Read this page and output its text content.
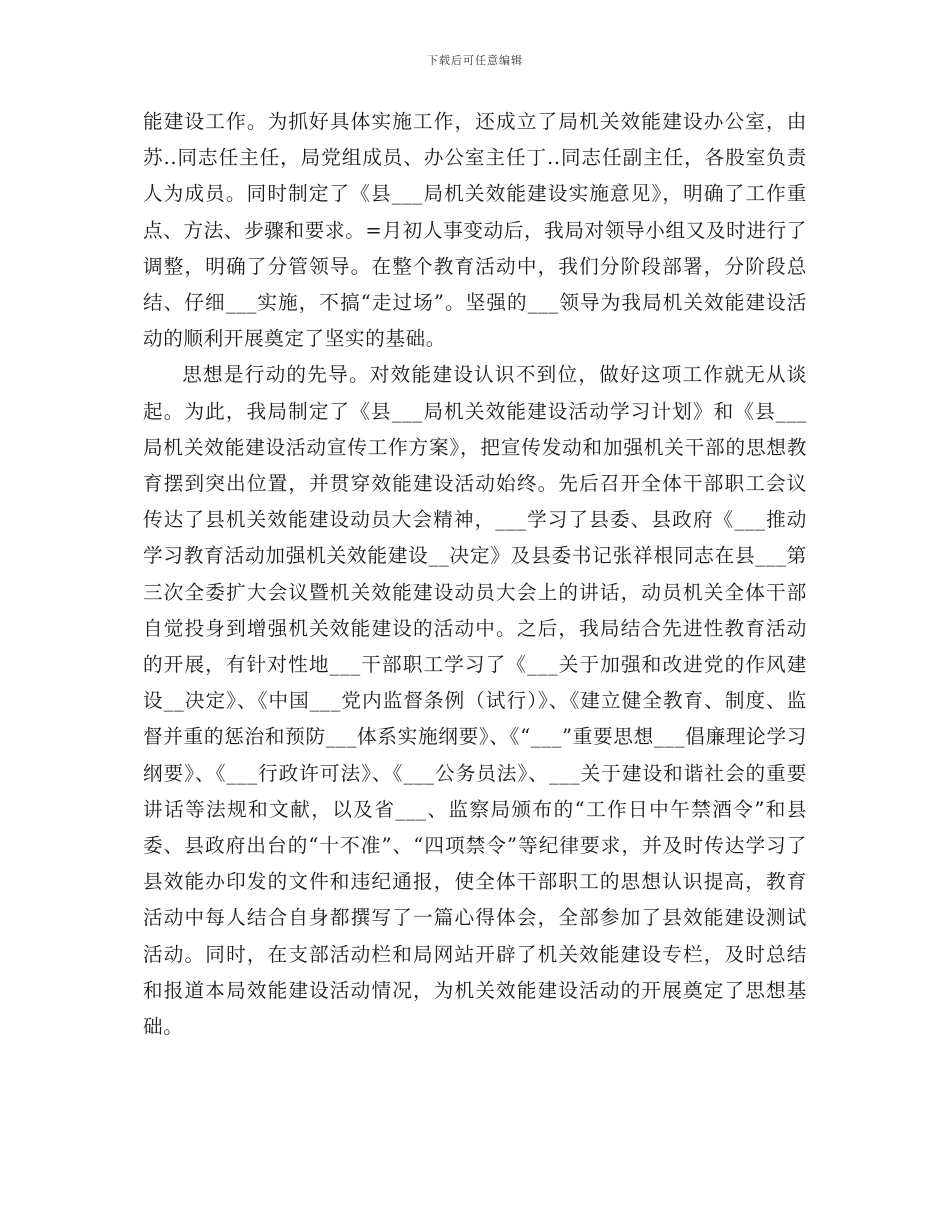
下载后可任意编辑

能建设工作。为抓好具体实施工作，还成立了局机关效能建设办公室，由苏..同志任主任，局党组成员、办公室主任丁..同志任副主任，各股室负责人为成员。同时制定了《县___局机关效能建设实施意见》，明确了工作重点、方法、步骤和要求。=月初人事变动后，我局对领导小组又及时进行了调整，明确了分管领导。在整个教育活动中，我们分阶段部署，分阶段总结、仔细___实施，不搞“走过场”。坚强的___领导为我局机关效能建设活动的顺利开展奠定了坚实的基础。

思想是行动的先导。对效能建设认识不到位，做好这项工作就无从谈起。为此，我局制定了《县___局机关效能建设活动学习计划》和《县___局机关效能建设活动宣传工作方案》，把宣传发动和加强机关干部的思想教育摆到突出位置，并贯穿效能建设活动始终。先后召开全体干部职工会议传达了县机关效能建设动员大会精神，___学习了县委、县政府《___推动学习教育活动加强机关效能建设__决定》及县委书记张祥根同志在县___第三次全委扩大会议暨机关效能建设动员大会上的讲话，动员机关全体干部自觉投身到增强机关效能建设的活动中。之后，我局结合先进性教育活动的开展，有针对性地___干部职工学习了《___关于加强和改进党的作风建设__决定》、《中国___党内监督条例（试行）》、《建立健全教育、制度、监督并重的惩治和预防___体系实施纲要》、《“___”重要思想___倡廉理论学习纲要》、《___行政许可法》、《___公务员法》、___关于建设和谐社会的重要讲话等法规和文献，以及省___、监察局颁布的“工作日中午禁酒令”和县委、县政府出台的“十不准”、“四项禁令”等纪律要求，并及时传达学习了县效能办印发的文件和违纪通报，使全体干部职工的思想认识提高，教育活动中每人结合自身都撰写了一篇心得体会，全部参加了县效能建设测试活动。同时，在支部活动栏和局网站开辟了机关效能建设专栏，及时总结和报道本局效能建设活动情况，为机关效能建设活动的开展奠定了思想基础。
